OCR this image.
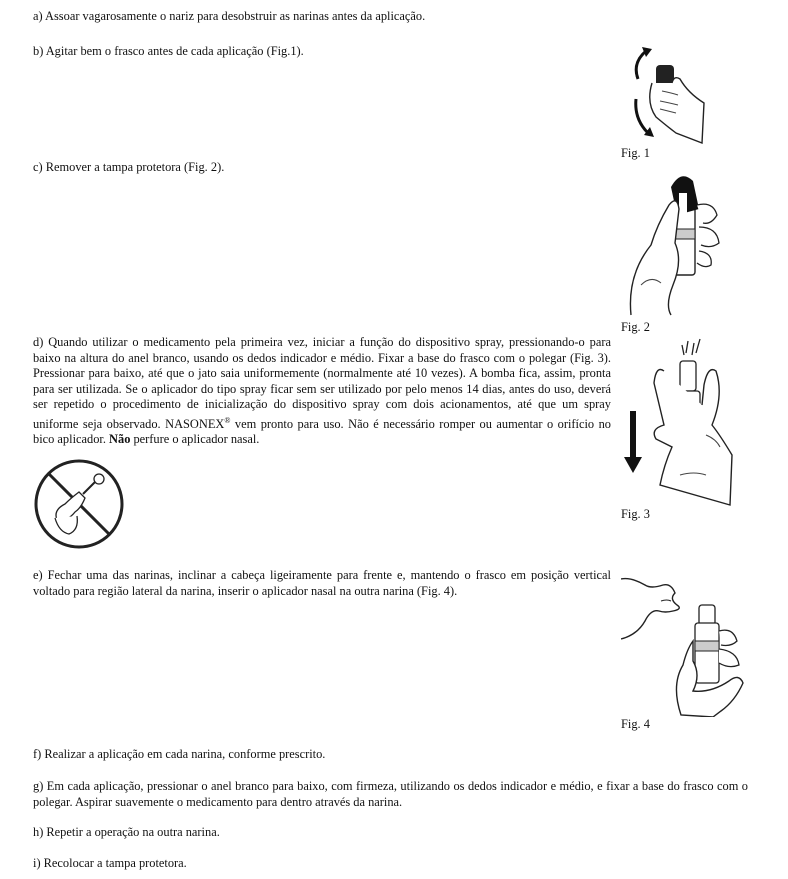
a) Assoar vagarosamente o nariz para desobstruir as narinas antes da aplicação.

b) Agitar bem o frasco antes de cada aplicação (Fig.1).

Fig. 1

c) Remover a tampa protetora (Fig. 2).

Fig. 2

d) Quando utilizar o medicamento pela primeira vez, iniciar a função do dispositivo spray, pressionando-o para baixo na altura do anel branco, usando os dedos indicador e médio. Fixar a base do frasco com o polegar (Fig. 3). Pressionar para baixo, até que o jato saia uniformemente (normalmente até 10 vezes). A bomba fica, assim, pronta para ser utilizada. Se o aplicador do tipo spray ficar sem ser utilizado por pelo menos 14 dias, antes do uso, deverá ser repetido o procedimento de inicialização do dispositivo spray com dois acionamentos, até que um spray uniforme seja observado. NASONEX® vem pronto para uso. Não é necessário romper ou aumentar o orifício no bico aplicador. Não perfure o aplicador nasal.

Fig. 3

e) Fechar uma das narinas, inclinar a cabeça ligeiramente para frente e, mantendo o frasco em posição vertical voltado para região lateral da narina, inserir o aplicador nasal na outra narina (Fig. 4).

Fig. 4

f) Realizar a aplicação em cada narina, conforme prescrito.

g) Em cada aplicação, pressionar o anel branco para baixo, com firmeza, utilizando os dedos indicador e médio, e fixar a base do frasco com o polegar. Aspirar suavemente o medicamento para dentro através da narina.

h) Repetir a operação na outra narina.

i) Recolocar a tampa protetora.
